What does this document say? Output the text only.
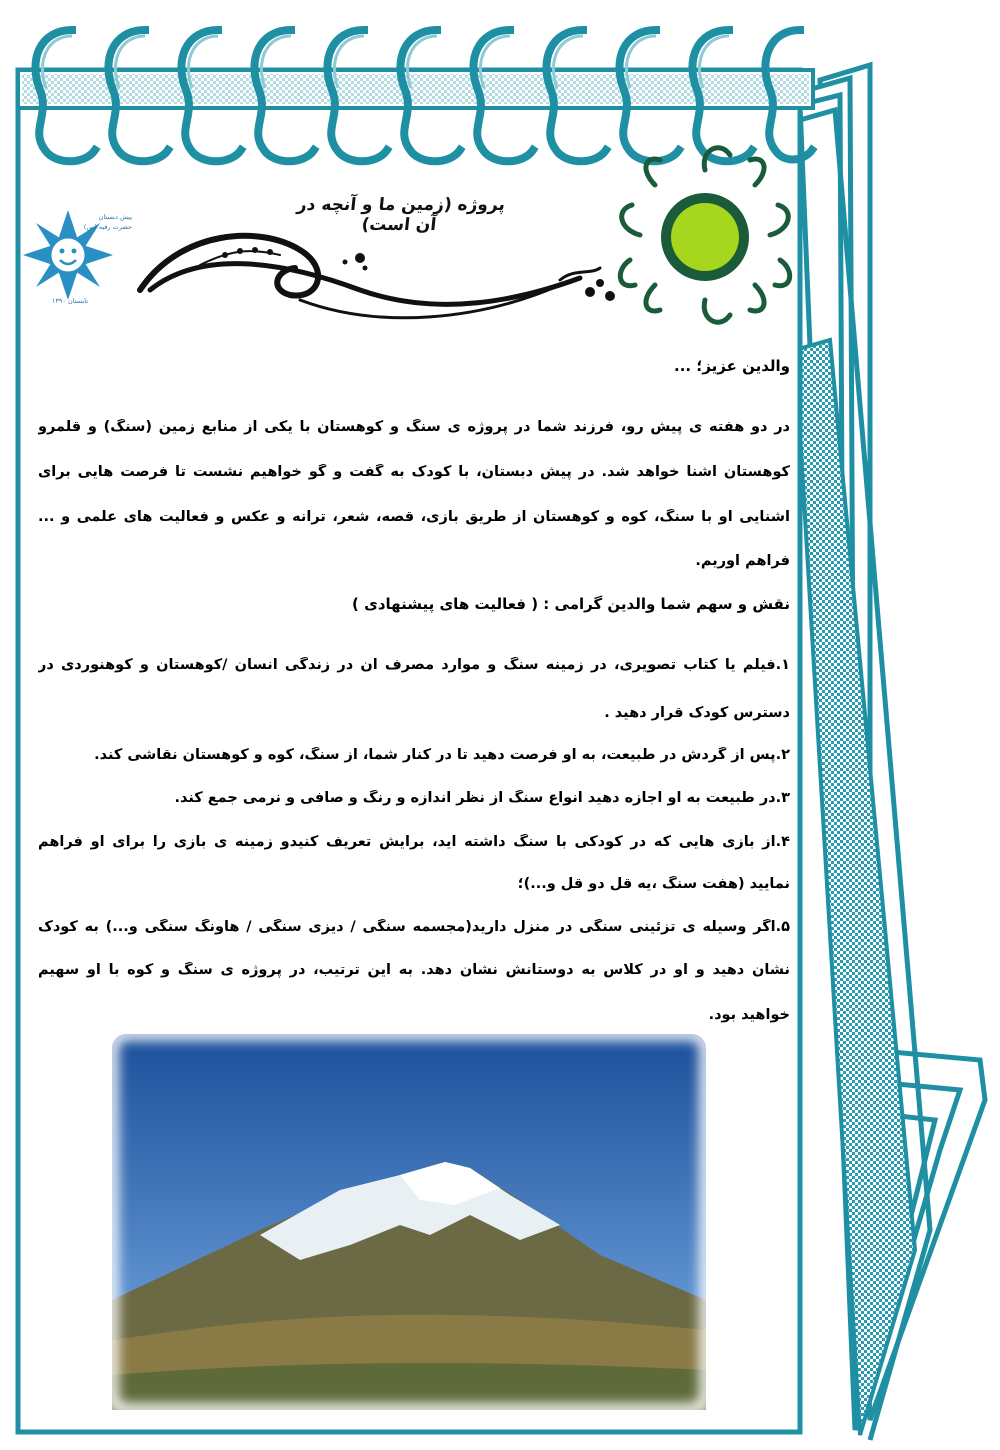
پیش دبستان حضرت رقیه (س)
تابستان ۱۳۹۰
پروژه (زمین ما و آنچه در آن است)
والدین عزیز؛ ...
در دو هفته ی پیش رو، فرزند شما در پروژه ی سنگ و کوهستان با یکی از منابع زمین (سنگ) و قلمرو
کوهستان آشنا خواهد شد. در پیش دبستان، با کودک به گفت و گو خواهیم نشست تا فرصت هایی برای
آشنایی او با سنگ، کوه و کوهستان از طریق بازی، قصه، شعر، ترانه و عکس و فعالیت های علمی و ...
فراهم آوریم.
نقش و سهم شما والدین گرامی : ( فعالیت های پیشنهادی )
۱.فیلم یا کتاب تصویری، در زمینه سنگ و موارد مصرف آن در زندگی انسان /کوهستان و کوهنوردی در
دسترس کودک قرار دهید .
۲.پس از گردش در طبیعت، به او فرصت دهید تا در کنار شما، از سنگ، کوه و کوهستان نقاشی کند.
۳.در طبیعت به او اجازه دهید انواع سنگ از نظر اندازه و رنگ و صافی و نرمی جمع کند.
۴.از بازی هایی که در کودکی با سنگ داشته اید، برایش تعریف کنیدو زمینه ی بازی را برای او فراهم
نمایید (هفت سنگ ،یه قل دو قل و...)؛
۵.اگر وسیله ی تزئینی سنگی در منزل دارید(مجسمه سنگی / دیزی سنگی / هاونگ سنگی و...) به کودک
نشان دهید و او در کلاس به دوستانش نشان دهد. به این ترتیب، در پروژه ی سنگ و کوه با او سهیم
خواهید بود.
